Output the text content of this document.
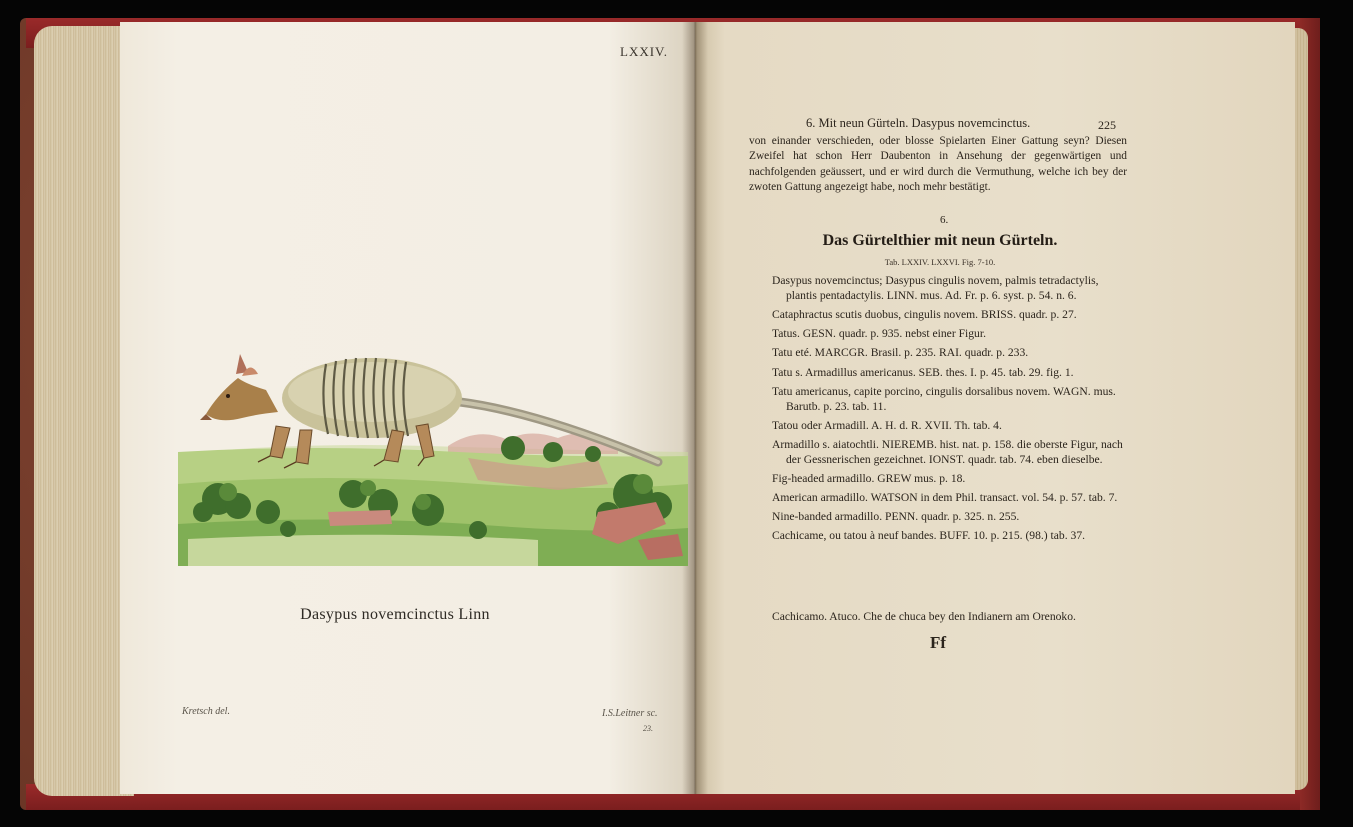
LXXIV.
Dasypus novemcinctus Linn
Kretsch del.	I.S.Leitner sc.
23.
6. Mit neun Gürteln. Dasypus novemcinctus.	225
von einander verschieden, oder blosse Spielarten Einer Gattung seyn? Diesen Zweifel hat schon Herr Daubenton in Ansehung der gegenwärtigen und nachfolgenden geäussert, und er wird durch die Vermuthung, welche ich bey der zwoten Gattung angezeigt habe, noch mehr bestätigt.
6.
Das Gürtelthier mit neun Gürteln.
Tab. LXXIV. LXXVI. Fig. 7-10.
Dasypus novemcinctus; Dasypus cingulis novem, palmis tetradactylis, plantis pentadactylis. LINN. mus. Ad. Fr. p. 6. syst. p. 54. n. 6.
Cataphractus scutis duobus, cingulis novem. BRISS. quadr. p. 27.
Tatus. GESN. quadr. p. 935. nebst einer Figur.
Tatu eté. MARCGR. Brasil. p. 235. RAI. quadr. p. 233.
Tatu s. Armadillus americanus. SEB. thes. I. p. 45. tab. 29. fig. 1.
Tatu americanus, capite porcino, cingulis dorsalibus novem. WAGN. mus. Barutb. p. 23. tab. 11.
Tatou oder Armadill. A. H. d. R. XVII. Th. tab. 4.
Armadillo s. aiatochtli. NIEREMB. hist. nat. p. 158. die oberste Figur, nach der Gessnerischen gezeichnet. IONST. quadr. tab. 74. eben dieselbe.
Fig-headed armadillo. GREW mus. p. 18.
American armadillo. WATSON in dem Phil. transact. vol. 54. p. 57. tab. 7.
Nine-banded armadillo. PENN. quadr. p. 325. n. 255.
Cachicame, ou tatou à neuf bandes. BUFF. 10. p. 215. (98.) tab. 37.
Cachicamo. Atuco. Che de chuca bey den Indianern am Orenoko.
Ff
